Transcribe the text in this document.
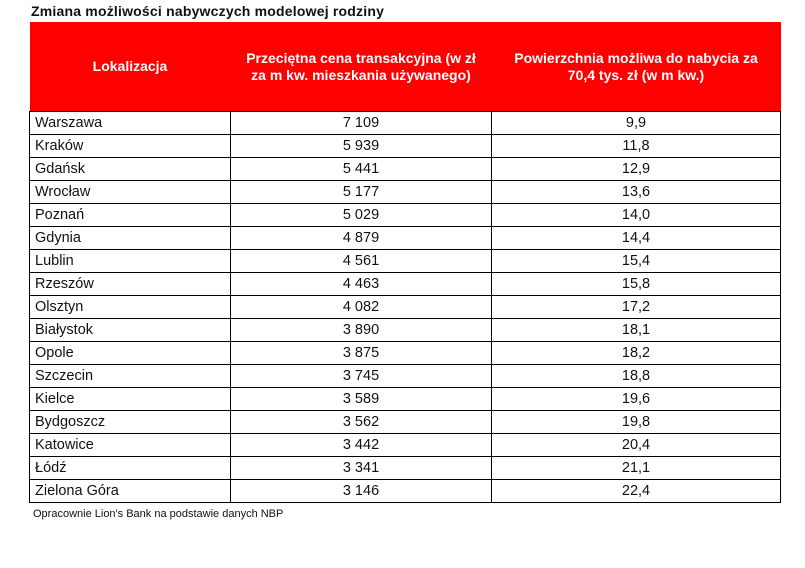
Zmiana możliwości nabywczych modelowej rodziny
Lokalizacja	Przeciętna cena transakcyjna (w zł za m kw. mieszkania używanego)	Powierzchnia możliwa do nabycia za 70,4 tys. zł (w m kw.)
Warszawa	7 109	9,9
Kraków	5 939	11,8
Gdańsk	5 441	12,9
Wrocław	5 177	13,6
Poznań	5 029	14,0
Gdynia	4 879	14,4
Lublin	4 561	15,4
Rzeszów	4 463	15,8
Olsztyn	4 082	17,2
Białystok	3 890	18,1
Opole	3 875	18,2
Szczecin	3 745	18,8
Kielce	3 589	19,6
Bydgoszcz	3 562	19,8
Katowice	3 442	20,4
Łódź	3 341	21,1
Zielona Góra	3 146	22,4
Opracownie Lion's Bank na podstawie danych NBP
